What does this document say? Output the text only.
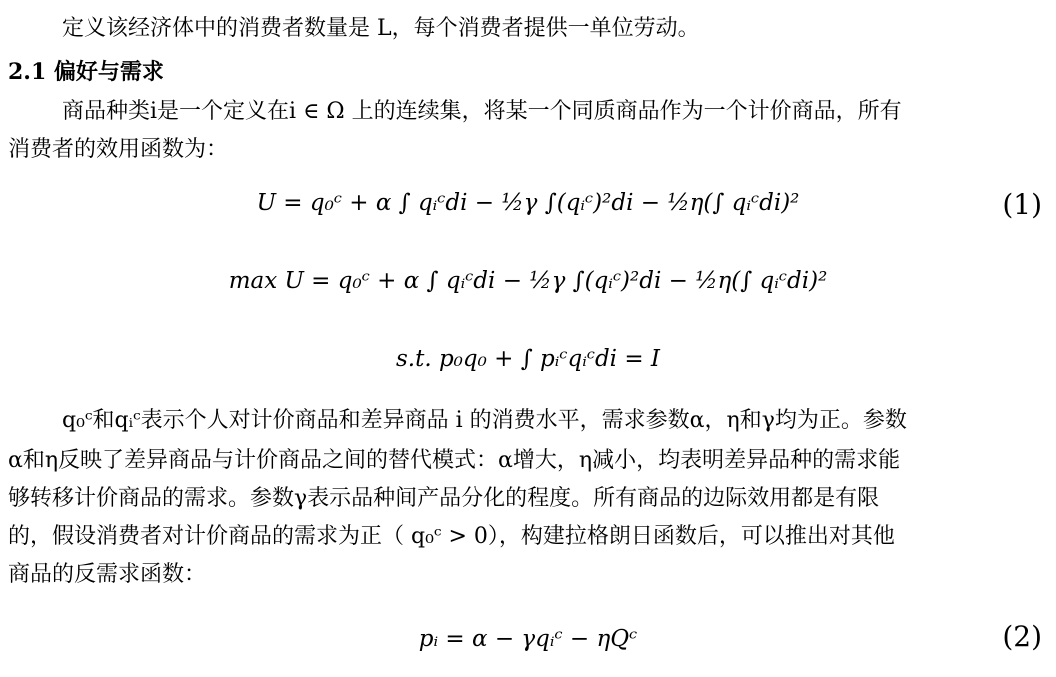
定义该经济体中的消费者数量是 L，每个消费者提供一单位劳动。
2.1 偏好与需求
商品种类i是一个定义在i ∈ Ω 上的连续集，将某一个同质商品作为一个计价商品，所有
消费者的效用函数为：
U = q₀ᶜ + α ∫ qᵢᶜdi − ½γ ∫(qᵢᶜ)²di − ½η(∫ qᵢᶜdi)²	(1)
max U = q₀ᶜ + α ∫ qᵢᶜdi − ½γ ∫(qᵢᶜ)²di − ½η(∫ qᵢᶜdi)²
s.t. p₀q₀ + ∫ pᵢᶜqᵢᶜdi = I
q₀ᶜ和qᵢᶜ表示个人对计价商品和差异商品 i 的消费水平，需求参数α，η和γ均为正。参数
α和η反映了差异商品与计价商品之间的替代模式：α增大，η减小，均表明差异品种的需求能
够转移计价商品的需求。参数γ表示品种间产品分化的程度。所有商品的边际效用都是有限
的，假设消费者对计价商品的需求为正（ q₀ᶜ > 0），构建拉格朗日函数后，可以推出对其他
商品的反需求函数：
pᵢ = α − γqᵢᶜ − ηQᶜ	(2)
